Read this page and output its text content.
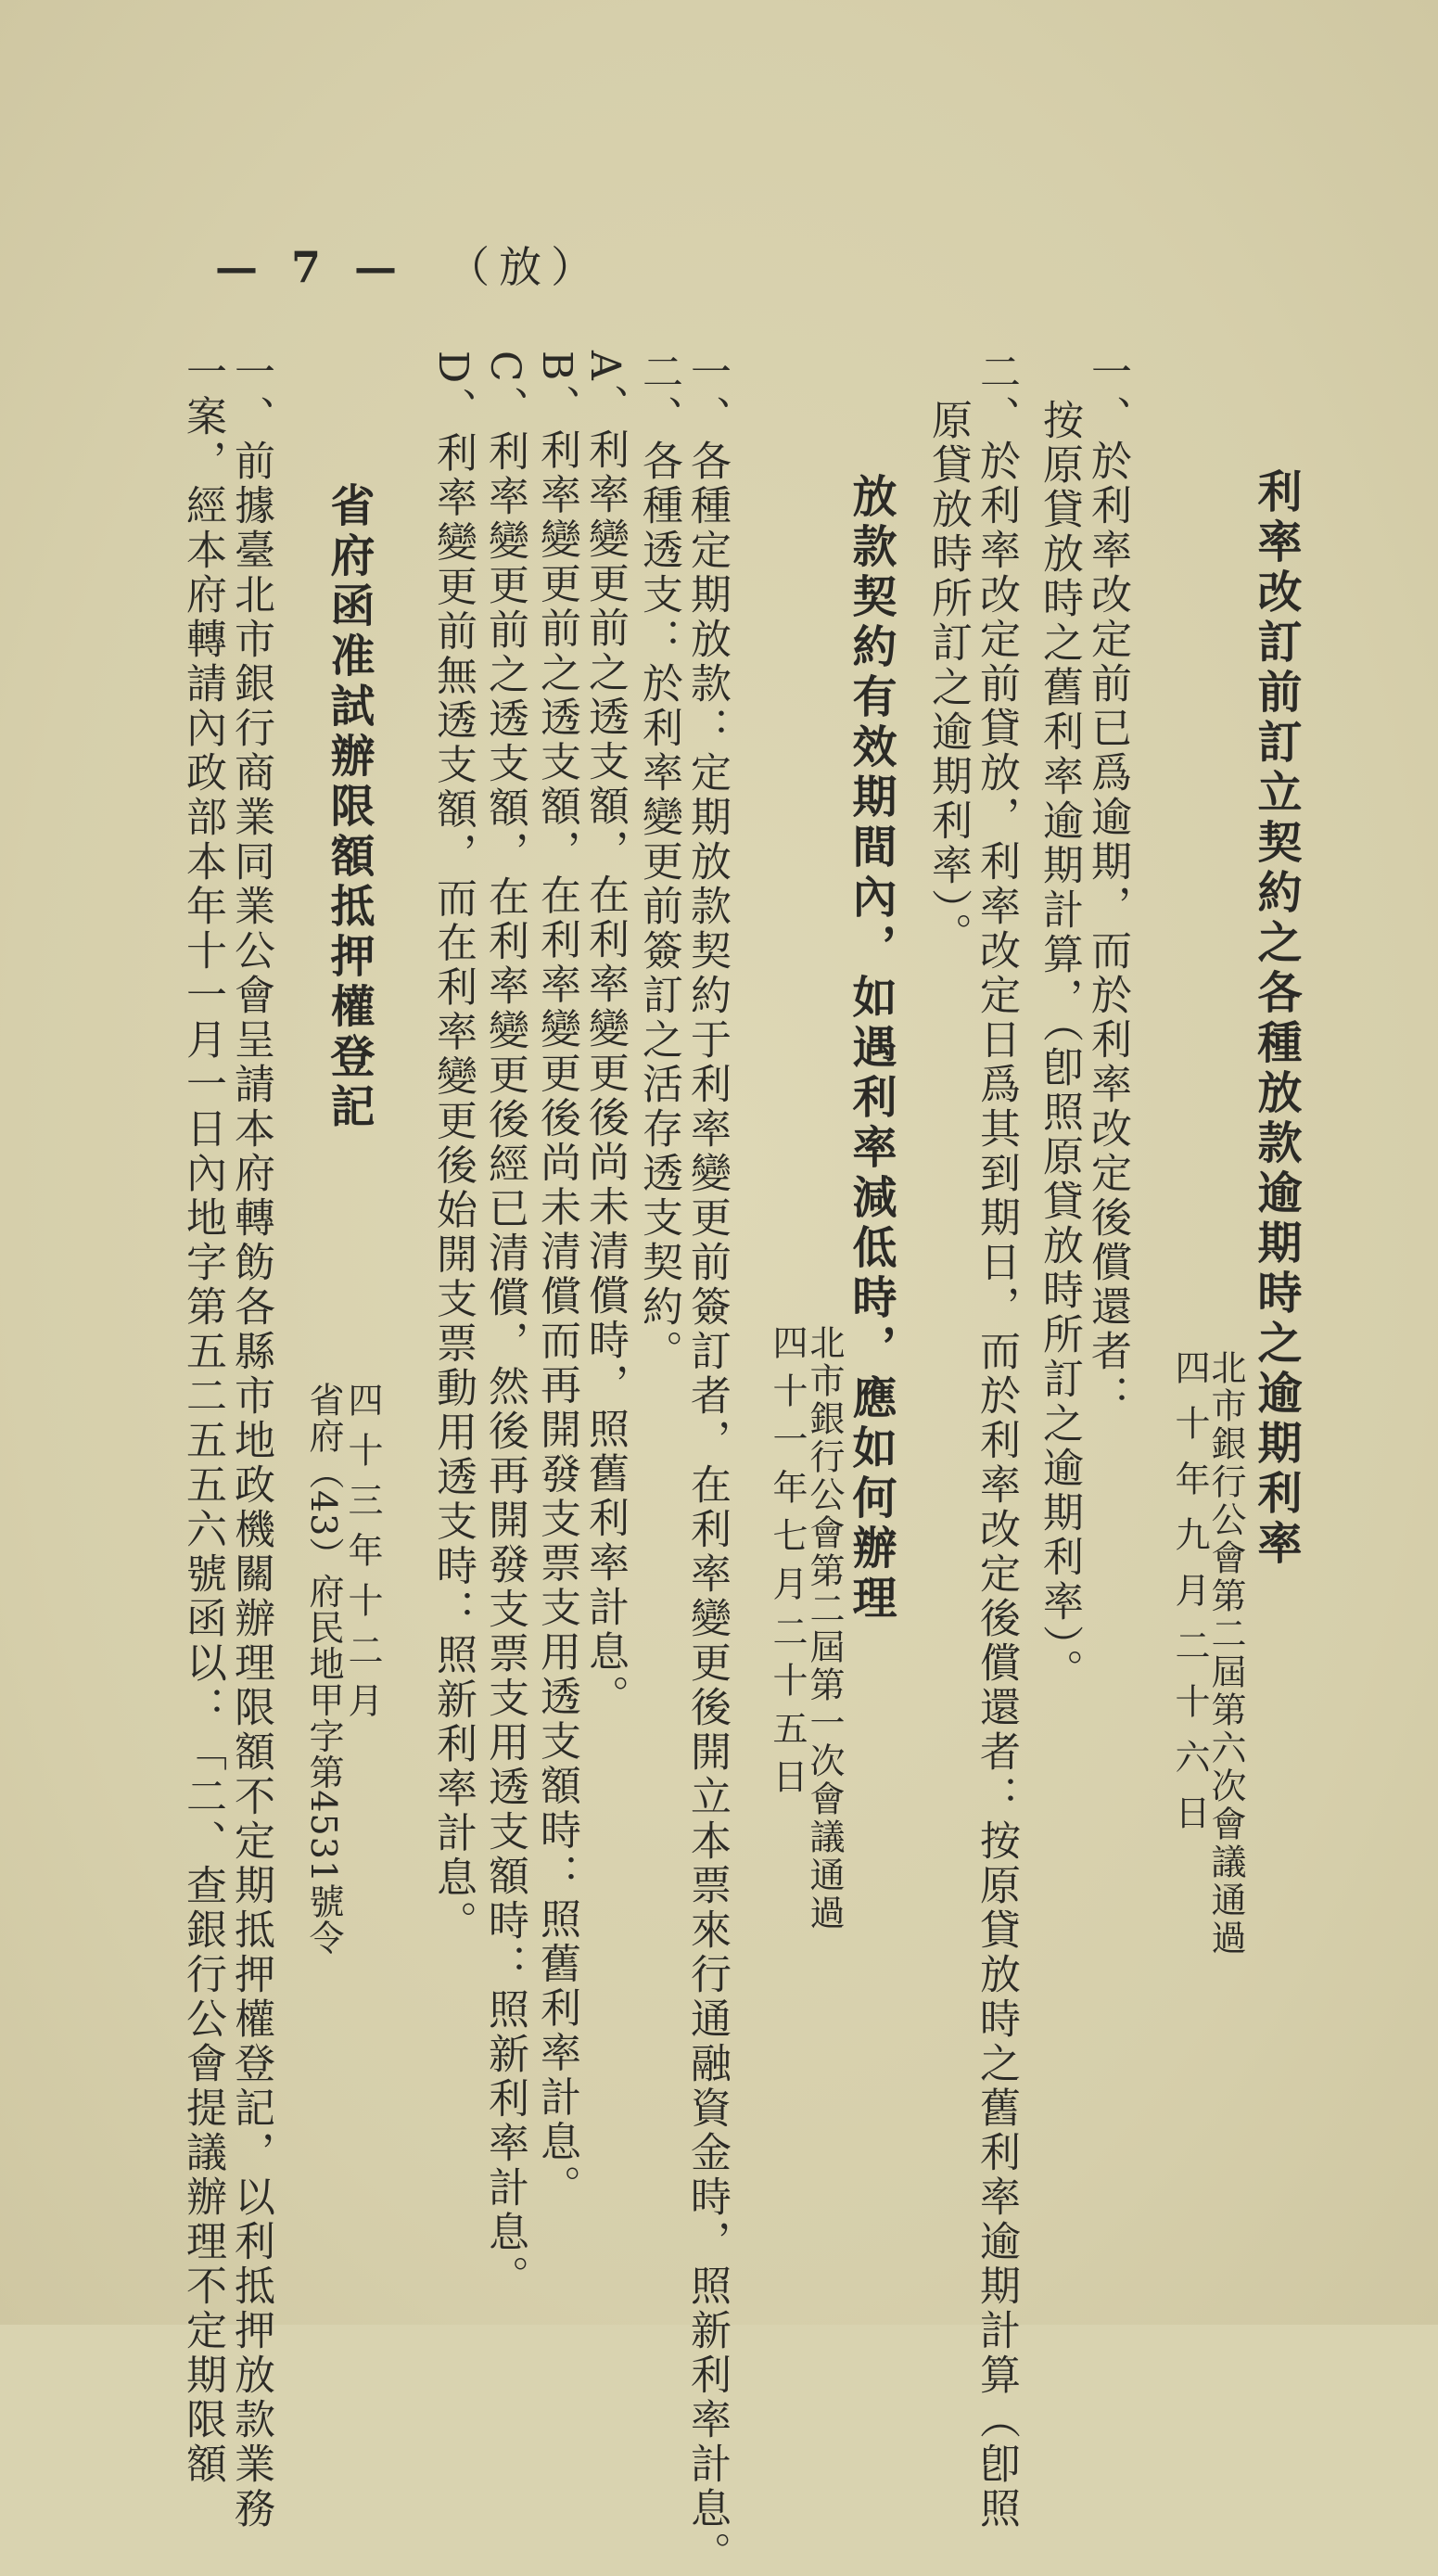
利率改訂前訂立契約之各種放款逾期時之逾期利率
北市銀行公會第二屆第六次會議通過
四十年九月二十六日
一、於利率改定前已爲逾期，而於利率改定後償還者：
按原貸放時之舊利率逾期計算，（卽照原貸放時所訂之逾期利率）。
二、於利率改定前貸放，利率改定日爲其到期日，而於利率改定後償還者：按原貸放時之舊利率逾期計算（卽照
原貸放時所訂之逾期利率）。
放款契約有效期間內，如遇利率減低時，應如何辦理
北市銀行公會第二屆第一次會議通過
四十一年七月二十五日
一、各種定期放款：定期放款契約于利率變更前簽訂者，在利率變更後開立本票來行通融資金時，照新利率計息。
二、各種透支：於利率變更前簽訂之活存透支契約。
A、利率變更前之透支額，在利率變更後尚未清償時，照舊利率計息。
B、利率變更前之透支額，在利率變更後尚未清償而再開發支票支用透支額時：照舊利率計息。
C、利率變更前之透支額，在利率變更後經已清償，然後再開發支票支用透支額時：照新利率計息。
D、利率變更前無透支額，而在利率變更後始開支票動用透支時：照新利率計息。
省府函准試辦限額抵押權登記
四十三年十二月
省府（43）府民地甲字第4531號令
一、前據臺北市銀行商業同業公會呈請本府轉飭各縣市地政機關辦理限額不定期抵押權登記，以利抵押放款業務
一案，經本府轉請內政部本年十一月一日內地字第五二五五六號函以：「二、查銀行公會提議辦理不定期限額
— 7 — （放）
